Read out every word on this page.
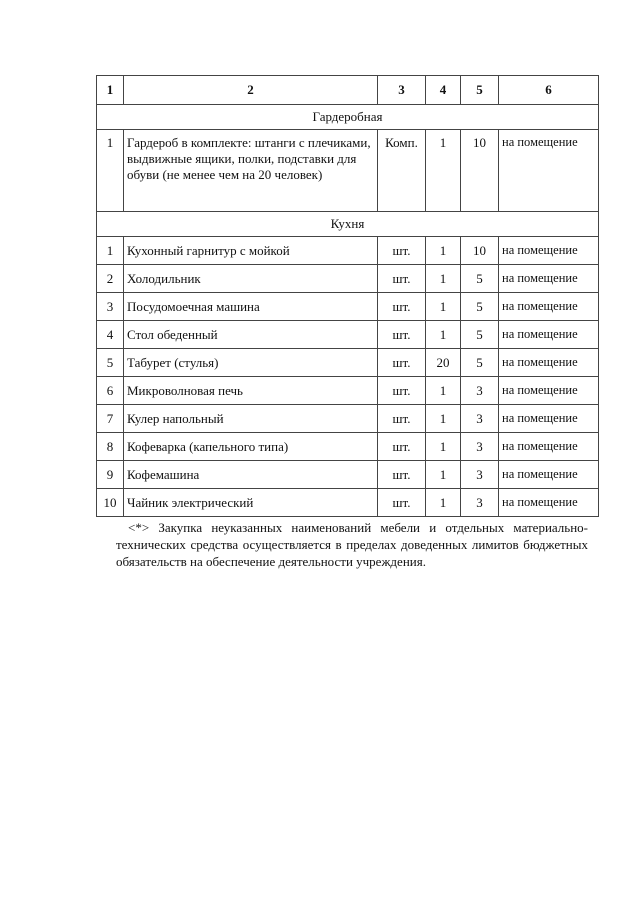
1	2	3	4	5	6
Гардеробная					
1	Гардероб в комплекте: штанги с плечиками, выдвижные ящики, полки, подставки для обуви (не менее чем на 20 человек)	Комп.	1	10	на помещение
Кухня					
1	Кухонный гарнитур с мойкой	шт.	1	10	на помещение
2	Холодильник	шт.	1	5	на помещение
3	Посудомоечная машина	шт.	1	5	на помещение
4	Стол обеденный	шт.	1	5	на помещение
5	Табурет (стулья)	шт.	20	5	на помещение
6	Микроволновая печь	шт.	1	3	на помещение
7	Кулер напольный	шт.	1	3	на помещение
8	Кофеварка (капельного типа)	шт.	1	3	на помещение
9	Кофемашина	шт.	1	3	на помещение
10	Чайник электрический	шт.	1	3	на помещение

<*> Закупка неуказанных наименований мебели и отдельных материально-технических средства осуществляется в пределах доведенных лимитов бюджетных обязательств на обеспечение деятельности учреждения.
